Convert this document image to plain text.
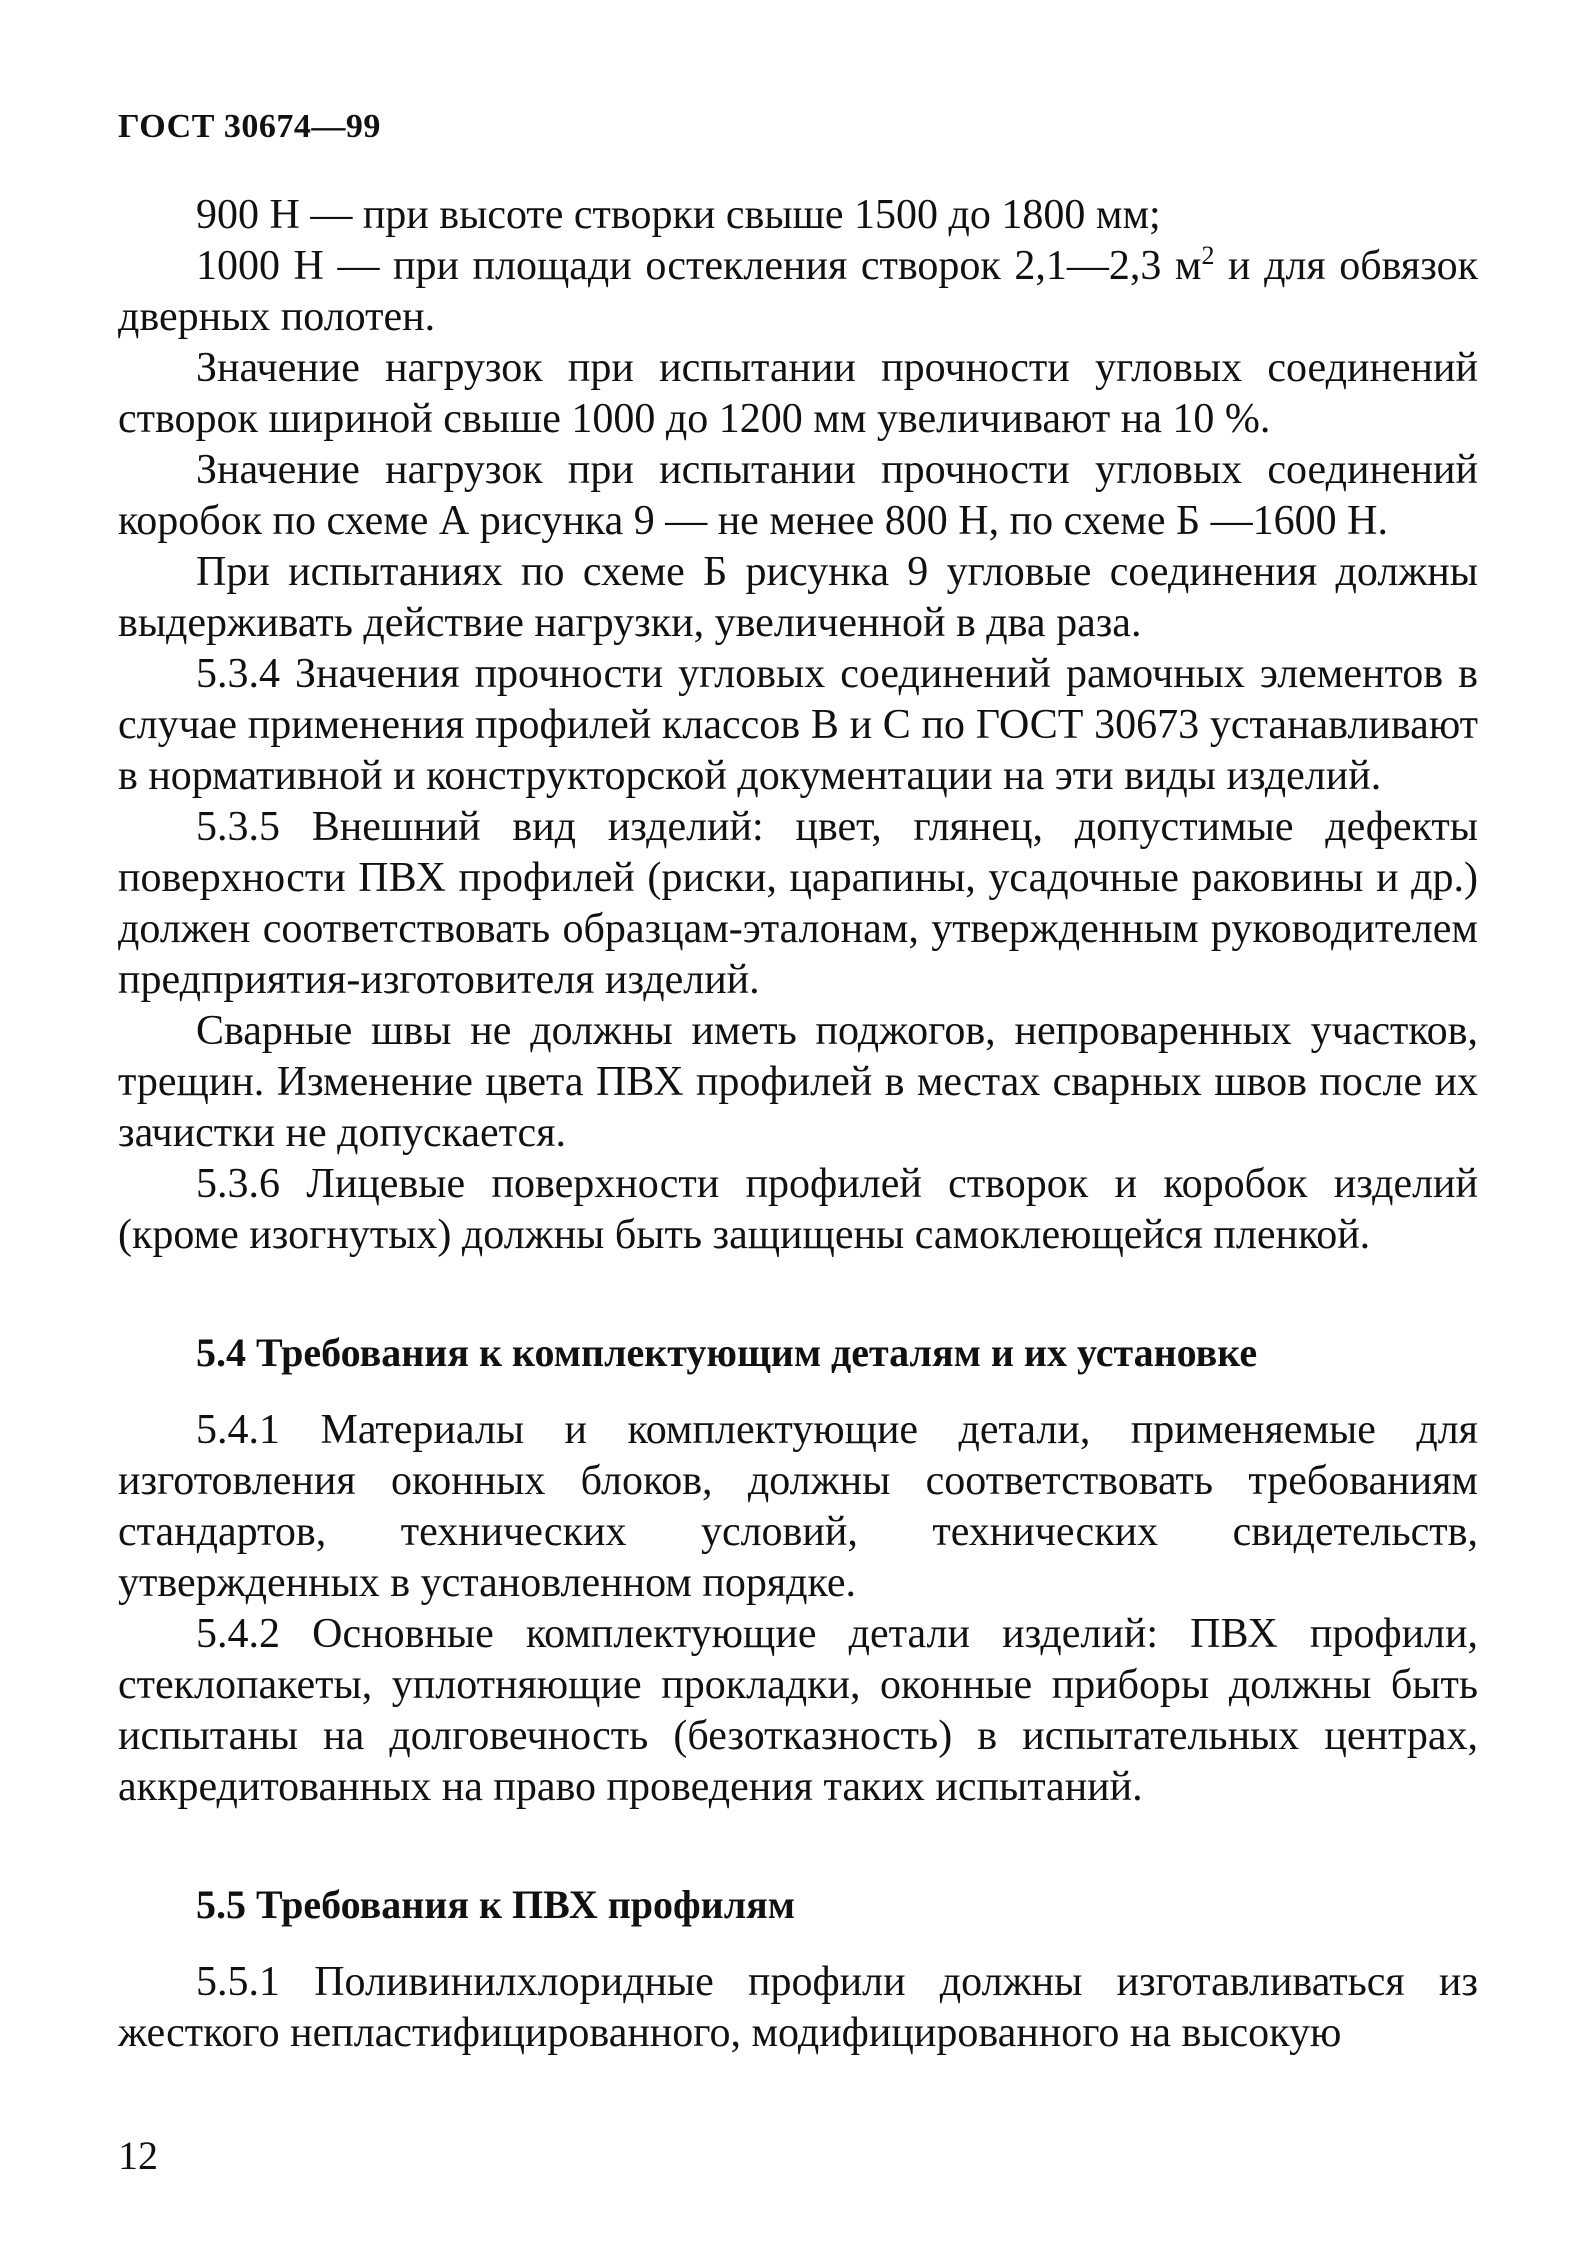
ГОСТ 30674—99

900 Н — при высоте створки свыше 1500 до 1800 мм;

1000 Н — при площади остекления створок 2,1—2,3 $м^2$ и для обвязок дверных полотен.

Значение нагрузок при испытании прочности угловых соединений створок шириной свыше 1000 до 1200 мм увеличивают на 10 %.

Значение нагрузок при испытании прочности угловых соединений коробок по схеме А рисунка 9 — не менее 800 Н, по схеме Б —1600 Н.

При испытаниях по схеме Б рисунка 9 угловые соединения должны выдерживать действие нагрузки, увеличенной в два раза.

5.3.4 Значения прочности угловых соединений рамочных элементов в случае применения профилей классов В и С по ГОСТ 30673 устанавливают в нормативной и конструкторской документации на эти виды изделий.

5.3.5 Внешний вид изделий: цвет, глянец, допустимые дефекты поверхности ПВХ профилей (риски, царапины, усадочные раковины и др.) должен соответствовать образцам-эталонам, утвержденным руководителем предприятия-изготовителя изделий.

Сварные швы не должны иметь поджогов, непроваренных участков, трещин. Изменение цвета ПВХ профилей в местах сварных швов после их зачистки не допускается.

5.3.6 Лицевые поверхности профилей створок и коробок изделий (кроме изогнутых) должны быть защищены самоклеющейся пленкой.

5.4 Требования к комплектующим деталям и их установке

5.4.1 Материалы и комплектующие детали, применяемые для изготовления оконных блоков, должны соответствовать требованиям стандартов, технических условий, технических свидетельств, утвержденных в установленном порядке.

5.4.2 Основные комплектующие детали изделий: ПВХ профили, стеклопакеты, уплотняющие прокладки, оконные приборы должны быть испытаны на долговечность (безотказность) в испытательных центрах, аккредитованных на право проведения таких испытаний.

5.5 Требования к ПВХ профилям

5.5.1 Поливинилхлоридные профили должны изготавливаться из жесткого непластифицированного, модифицированного на высокую

12
